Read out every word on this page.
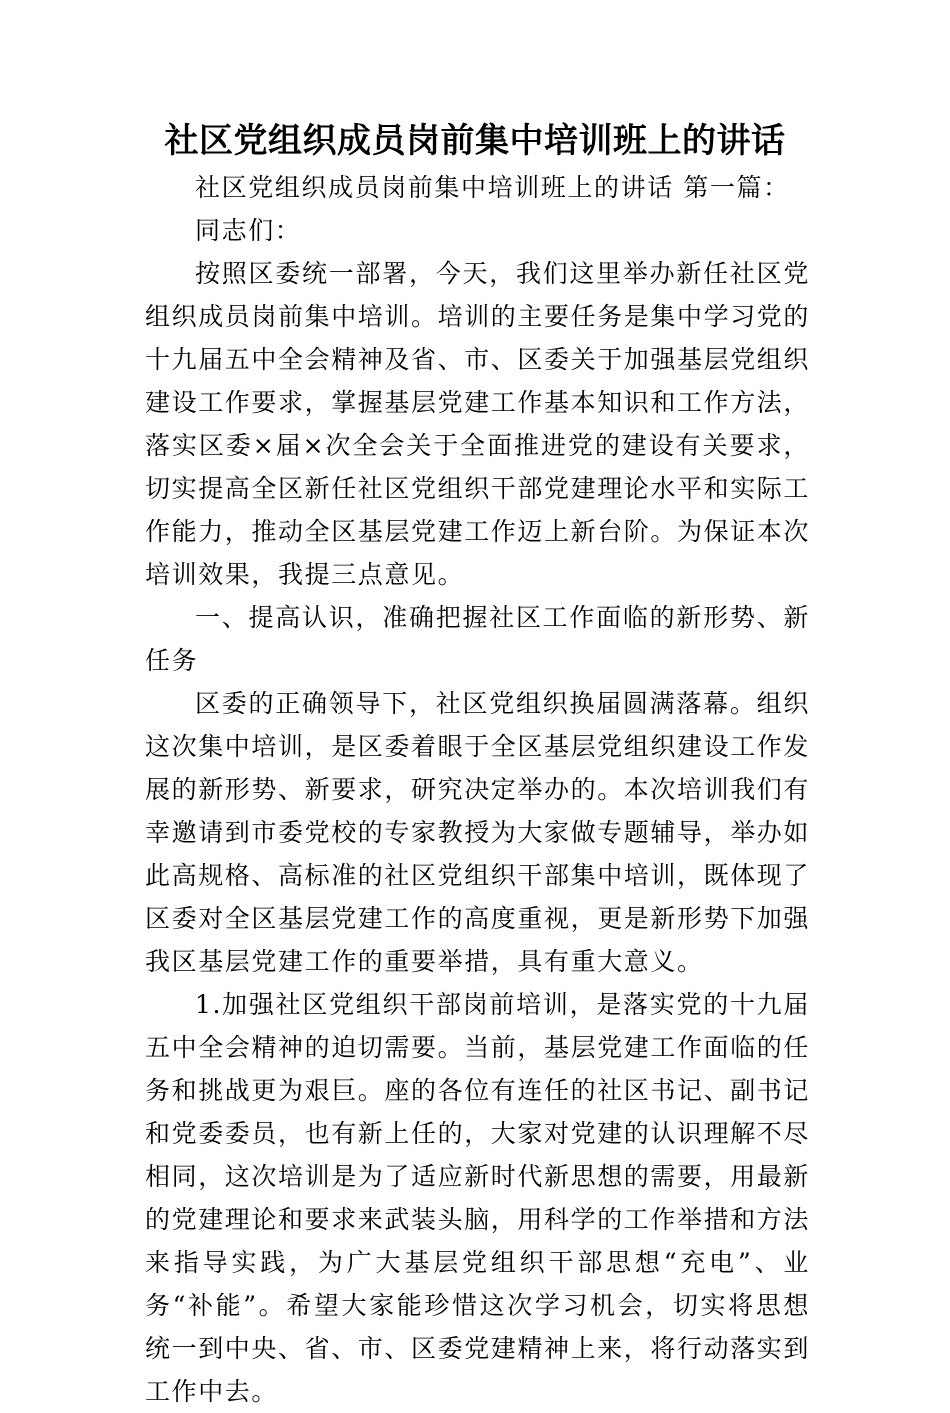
社区党组织成员岗前集中培训班上的讲话

社区党组织成员岗前集中培训班上的讲话 第一篇：

同志们：

按照区委统一部署，今天，我们这里举办新任社区党组织成员岗前集中培训。培训的主要任务是集中学习党的十九届五中全会精神及省、市、区委关于加强基层党组织建设工作要求，掌握基层党建工作基本知识和工作方法，落实区委×届×次全会关于全面推进党的建设有关要求，切实提高全区新任社区党组织干部党建理论水平和实际工作能力，推动全区基层党建工作迈上新台阶。为保证本次培训效果，我提三点意见。

一、提高认识，准确把握社区工作面临的新形势、新任务

区委的正确领导下，社区党组织换届圆满落幕。组织这次集中培训，是区委着眼于全区基层党组织建设工作发展的新形势、新要求，研究决定举办的。本次培训我们有幸邀请到市委党校的专家教授为大家做专题辅导，举办如此高规格、高标准的社区党组织干部集中培训，既体现了区委对全区基层党建工作的高度重视，更是新形势下加强我区基层党建工作的重要举措，具有重大意义。

1.加强社区党组织干部岗前培训，是落实党的十九届五中全会精神的迫切需要。当前，基层党建工作面临的任务和挑战更为艰巨。座的各位有连任的社区书记、副书记和党委委员，也有新上任的，大家对党建的认识理解不尽相同，这次培训是为了适应新时代新思想的需要，用最新的党建理论和要求来武装头脑，用科学的工作举措和方法来指导实践，为广大基层党组织干部思想“充电”、业务“补能”。希望大家能珍惜这次学习机会，切实将思想统一到中央、省、市、区委党建精神上来，将行动落实到工作中去。
